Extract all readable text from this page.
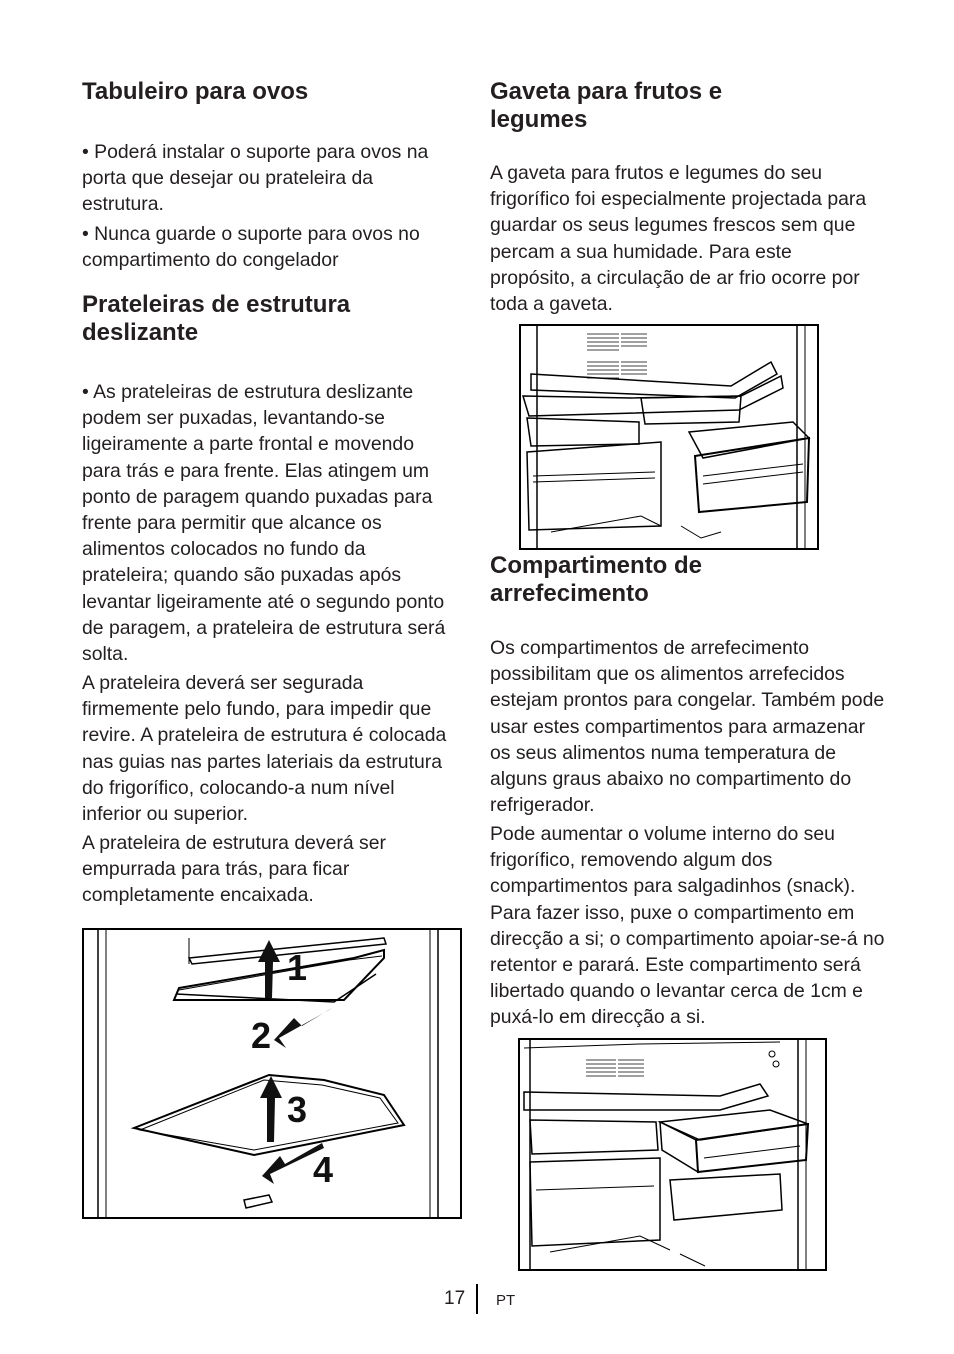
Tabuleiro para ovos

• Poderá instalar o suporte para ovos na porta que desejar ou prateleira da estrutura.

• Nunca guarde o suporte para ovos no compartimento do congelador

Prateleiras de estrutura deslizante

• As prateleiras de estrutura deslizante podem ser puxadas, levantando-se ligeiramente a parte frontal e movendo para trás e para frente. Elas atingem um ponto de paragem quando puxadas para frente para permitir que alcance os alimentos colocados no fundo da prateleira; quando são puxadas após levantar ligeiramente até o segundo ponto de paragem, a prateleira de estrutura será solta.

A prateleira deverá ser segurada firmemente pelo fundo, para impedir que revire. A prateleira de estrutura é colocada nas guias nas partes lateriais da estrutura do frigorífico, colocando-a num nível inferior ou superior.

A prateleira de estrutura deverá ser empurrada para trás, para ficar completamente encaixada.

1
2
3
4
Gaveta para frutos e legumes

A gaveta para frutos e legumes do seu frigorífico foi especialmente projectada para guardar os seus legumes frescos sem que percam a sua humidade. Para este propósito, a circulação de ar frio ocorre por toda a gaveta.

Compartimento de arrefecimento

Os compartimentos de arrefecimento possibilitam que os alimentos arrefecidos estejam prontos para congelar. Também pode usar estes compartimentos para armazenar os seus alimentos numa temperatura de alguns graus abaixo no compartimento do refrigerador.

Pode aumentar o volume interno do seu frigorífico, removendo algum dos compartimentos para salgadinhos (snack). Para fazer isso, puxe o compartimento em direcção a si; o compartimento apoiar-se-á no retentor e parará. Este compartimento será libertado quando o levantar cerca de 1cm e puxá-lo em direcção a si.

17 PT
